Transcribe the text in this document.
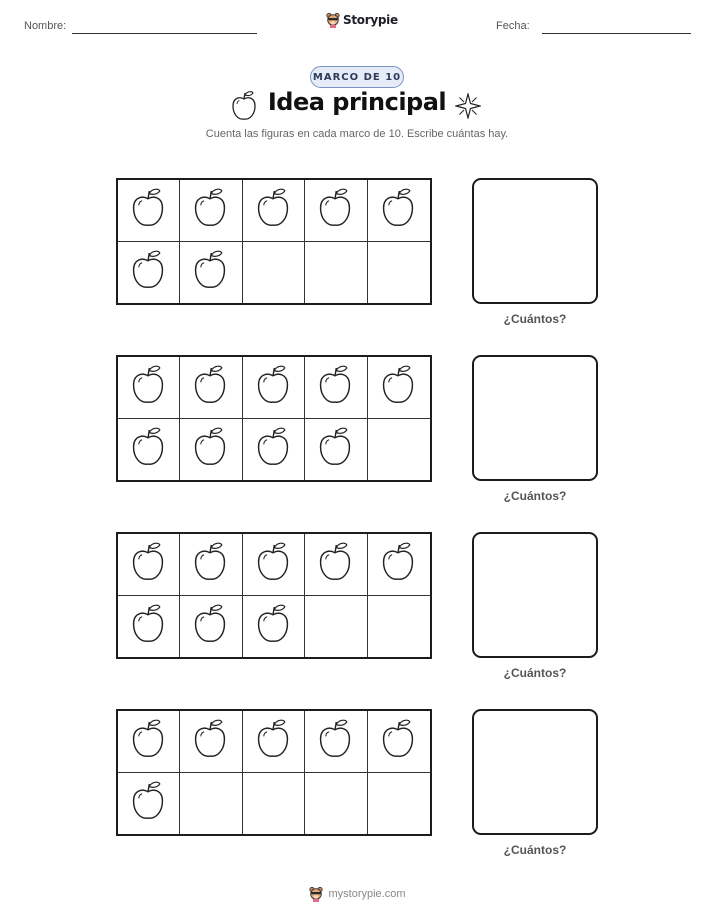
Nombre:	Storypie	Fecha:
MARCO DE 10
Idea principal
Cuenta las figuras en cada marco de 10. Escribe cuántas hay.
¿Cuántos?
¿Cuántos?
¿Cuántos?
¿Cuántos?
mystorypie.com
